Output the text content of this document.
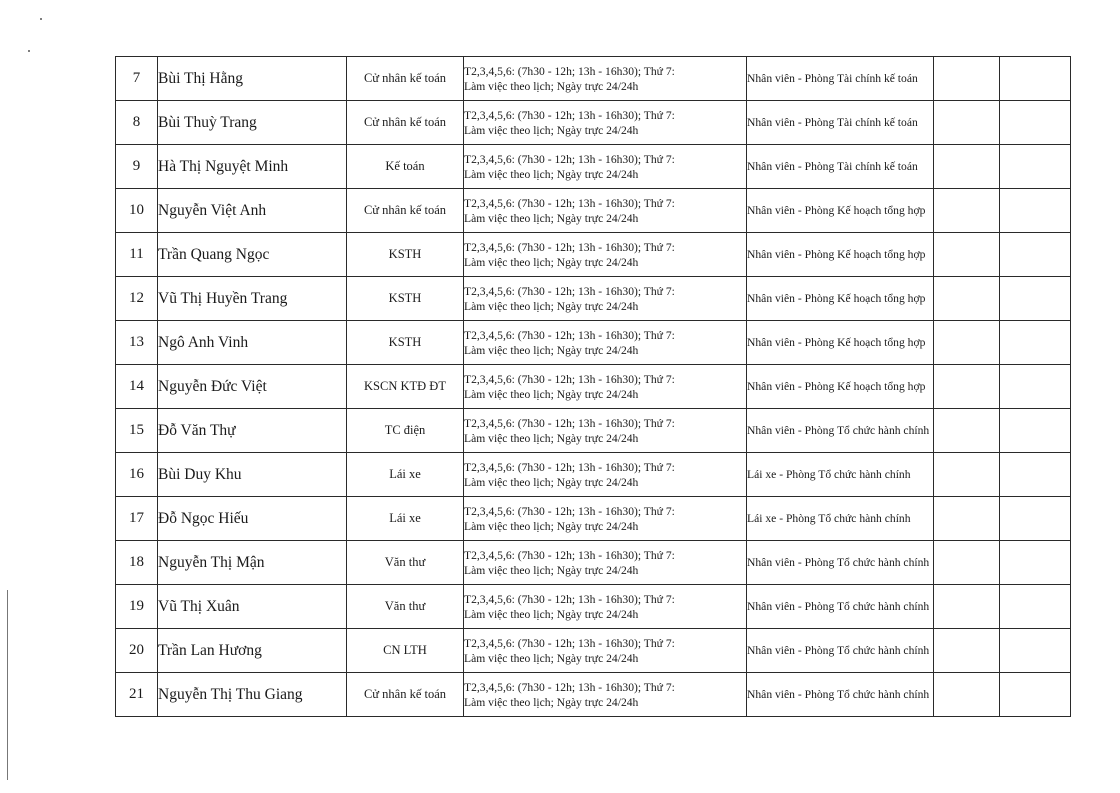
7	Bùi Thị Hằng	Cử nhân kế toán	T2,3,4,5,6: (7h30 - 12h; 13h - 16h30); Thứ 7:
Làm việc theo lịch; Ngày trực 24/24h	Nhân viên - Phòng Tài chính kế toán		
8	Bùi Thuỳ Trang	Cử nhân kế toán	T2,3,4,5,6: (7h30 - 12h; 13h - 16h30); Thứ 7:
Làm việc theo lịch; Ngày trực 24/24h	Nhân viên - Phòng Tài chính kế toán		
9	Hà Thị Nguyệt Minh	Kế toán	T2,3,4,5,6: (7h30 - 12h; 13h - 16h30); Thứ 7:
Làm việc theo lịch; Ngày trực 24/24h	Nhân viên - Phòng Tài chính kế toán		
10	Nguyễn Việt Anh	Cử nhân kế toán	T2,3,4,5,6: (7h30 - 12h; 13h - 16h30); Thứ 7:
Làm việc theo lịch; Ngày trực 24/24h	Nhân viên - Phòng Kế hoạch tổng hợp		
11	Trần Quang Ngọc	KSTH	T2,3,4,5,6: (7h30 - 12h; 13h - 16h30); Thứ 7:
Làm việc theo lịch; Ngày trực 24/24h	Nhân viên - Phòng Kế hoạch tổng hợp		
12	Vũ Thị Huyền Trang	KSTH	T2,3,4,5,6: (7h30 - 12h; 13h - 16h30); Thứ 7:
Làm việc theo lịch; Ngày trực 24/24h	Nhân viên - Phòng Kế hoạch tổng hợp		
13	Ngô Anh Vinh	KSTH	T2,3,4,5,6: (7h30 - 12h; 13h - 16h30); Thứ 7:
Làm việc theo lịch; Ngày trực 24/24h	Nhân viên - Phòng Kế hoạch tổng hợp		
14	Nguyễn Đức Việt	KSCN KTĐ ĐT	T2,3,4,5,6: (7h30 - 12h; 13h - 16h30); Thứ 7:
Làm việc theo lịch; Ngày trực 24/24h	Nhân viên - Phòng Kế hoạch tổng hợp		
15	Đỗ Văn Thự	TC điện	T2,3,4,5,6: (7h30 - 12h; 13h - 16h30); Thứ 7:
Làm việc theo lịch; Ngày trực 24/24h	Nhân viên - Phòng Tổ chức hành chính		
16	Bùi Duy Khu	Lái xe	T2,3,4,5,6: (7h30 - 12h; 13h - 16h30); Thứ 7:
Làm việc theo lịch; Ngày trực 24/24h	Lái xe - Phòng Tổ chức hành chính		
17	Đỗ Ngọc Hiếu	Lái xe	T2,3,4,5,6: (7h30 - 12h; 13h - 16h30); Thứ 7:
Làm việc theo lịch; Ngày trực 24/24h	Lái xe - Phòng Tổ chức hành chính		
18	Nguyễn Thị Mận	Văn thư	T2,3,4,5,6: (7h30 - 12h; 13h - 16h30); Thứ 7:
Làm việc theo lịch; Ngày trực 24/24h	Nhân viên - Phòng Tổ chức hành chính		
19	Vũ Thị Xuân	Văn thư	T2,3,4,5,6: (7h30 - 12h; 13h - 16h30); Thứ 7:
Làm việc theo lịch; Ngày trực 24/24h	Nhân viên - Phòng Tổ chức hành chính		
20	Trần Lan Hương	CN LTH	T2,3,4,5,6: (7h30 - 12h; 13h - 16h30); Thứ 7:
Làm việc theo lịch; Ngày trực 24/24h	Nhân viên - Phòng Tổ chức hành chính		
21	Nguyễn Thị Thu Giang	Cử nhân kế toán	T2,3,4,5,6: (7h30 - 12h; 13h - 16h30); Thứ 7:
Làm việc theo lịch; Ngày trực 24/24h	Nhân viên - Phòng Tổ chức hành chính		
